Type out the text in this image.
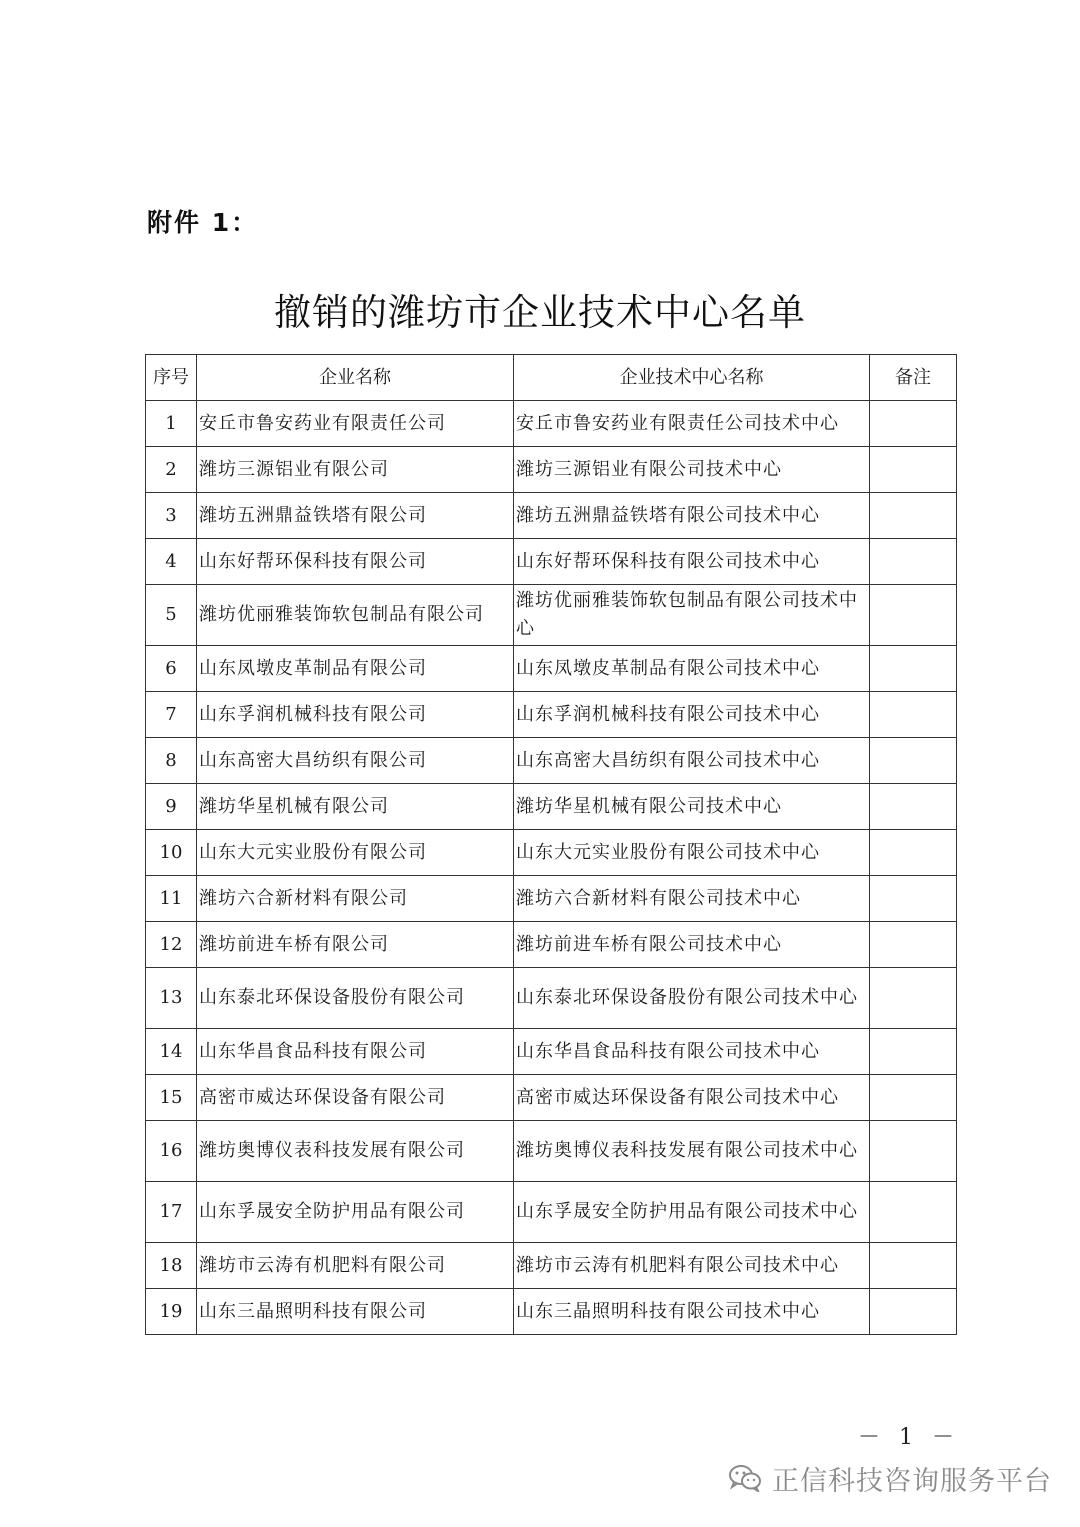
附件 1：
撤销的潍坊市企业技术中心名单
序号	企业名称	企业技术中心名称	备注
1	安丘市鲁安药业有限责任公司	安丘市鲁安药业有限责任公司技术中心	
2	潍坊三源铝业有限公司	潍坊三源铝业有限公司技术中心	
3	潍坊五洲鼎益铁塔有限公司	潍坊五洲鼎益铁塔有限公司技术中心	
4	山东好帮环保科技有限公司	山东好帮环保科技有限公司技术中心	
5	潍坊优丽雅装饰软包制品有限公司	潍坊优丽雅装饰软包制品有限公司技术中心	
6	山东凤墩皮革制品有限公司	山东凤墩皮革制品有限公司技术中心	
7	山东孚润机械科技有限公司	山东孚润机械科技有限公司技术中心	
8	山东高密大昌纺织有限公司	山东高密大昌纺织有限公司技术中心	
9	潍坊华星机械有限公司	潍坊华星机械有限公司技术中心	
10	山东大元实业股份有限公司	山东大元实业股份有限公司技术中心	
11	潍坊六合新材料有限公司	潍坊六合新材料有限公司技术中心	
12	潍坊前进车桥有限公司	潍坊前进车桥有限公司技术中心	
13	山东泰北环保设备股份有限公司	山东泰北环保设备股份有限公司技术中心	
14	山东华昌食品科技有限公司	山东华昌食品科技有限公司技术中心	
15	高密市威达环保设备有限公司	高密市威达环保设备有限公司技术中心	
16	潍坊奥博仪表科技发展有限公司	潍坊奥博仪表科技发展有限公司技术中心	
17	山东孚晟安全防护用品有限公司	山东孚晟安全防护用品有限公司技术中心	
18	潍坊市云涛有机肥料有限公司	潍坊市云涛有机肥料有限公司技术中心	
19	山东三晶照明科技有限公司	山东三晶照明科技有限公司技术中心	
－ 1 －
正信科技咨询服务平台
